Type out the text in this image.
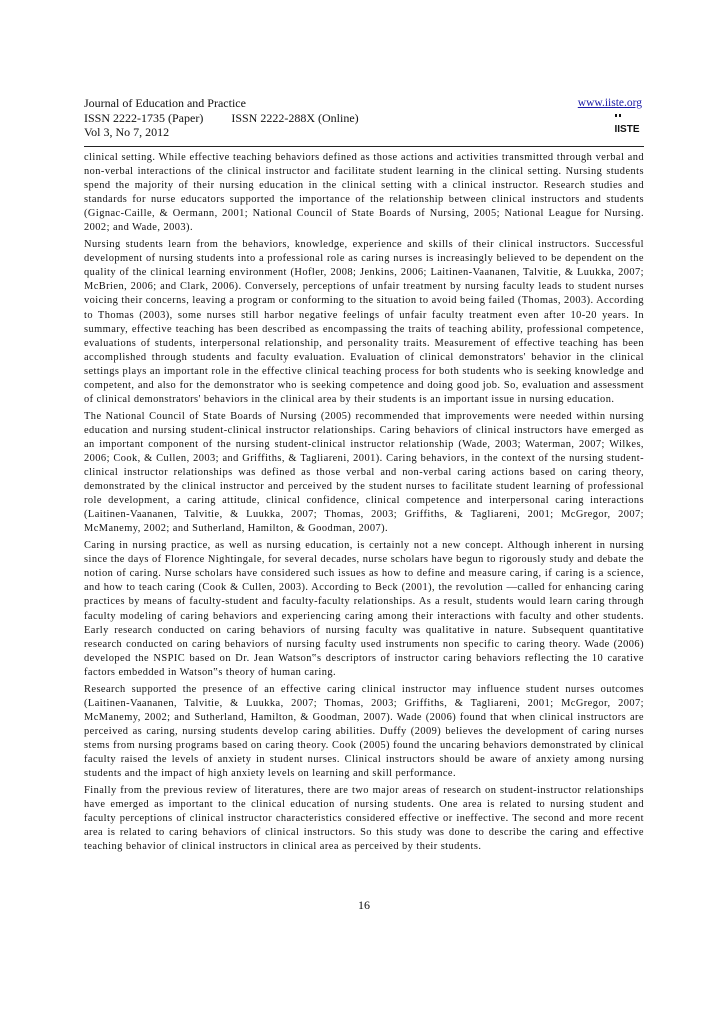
Journal of Education and Practice
ISSN 2222-1735 (Paper) ISSN 2222-288X (Online)
Vol 3, No 7, 2012
www.iiste.org
IISTE

clinical setting. While effective teaching behaviors defined as those actions and activities transmitted through verbal and non-verbal interactions of the clinical instructor and facilitate student learning in the clinical setting. Nursing students spend the majority of their nursing education in the clinical setting with a clinical instructor. Research studies and standards for nurse educators supported the importance of the relationship between clinical instructors and students (Gignac-Caille, & Oermann, 2001; National Council of State Boards of Nursing, 2005; National League for Nursing. 2002; and Wade, 2003).

Nursing students learn from the behaviors, knowledge, experience and skills of their clinical instructors. Successful development of nursing students into a professional role as caring nurses is increasingly believed to be dependent on the quality of the clinical learning environment (Hofler, 2008; Jenkins, 2006; Laitinen-Vaananen, Talvitie, & Luukka, 2007; McBrien, 2006; and Clark, 2006). Conversely, perceptions of unfair treatment by nursing faculty leads to student nurses voicing their concerns, leaving a program or conforming to the situation to avoid being failed (Thomas, 2003). According to Thomas (2003), some nurses still harbor negative feelings of unfair faculty treatment even after 10-20 years. In summary, effective teaching has been described as encompassing the traits of teaching ability, professional competence, evaluations of students, interpersonal relationship, and personality traits. Measurement of effective teaching has been accomplished through students and faculty evaluation. Evaluation of clinical demonstrators' behavior in the clinical settings plays an important role in the effective clinical teaching process for both students who is seeking knowledge and competent, and also for the demonstrator who is seeking competence and doing good job. So, evaluation and assessment of clinical demonstrators' behaviors in the clinical area by their students is an important issue in nursing education.

The National Council of State Boards of Nursing (2005) recommended that improvements were needed within nursing education and nursing student-clinical instructor relationships. Caring behaviors of clinical instructors have emerged as an important component of the nursing student-clinical instructor relationship (Wade, 2003; Waterman, 2007; Wilkes, 2006; Cook, & Cullen, 2003; and Griffiths, & Tagliareni, 2001). Caring behaviors, in the context of the nursing student-clinical instructor relationships was defined as those verbal and non-verbal caring actions based on caring theory, demonstrated by the clinical instructor and perceived by the student nurses to facilitate student learning of professional role development, a caring attitude, clinical confidence, clinical competence and interpersonal caring interactions (Laitinen-Vaananen, Talvitie, & Luukka, 2007; Thomas, 2003; Griffiths, & Tagliareni, 2001; McGregor, 2007; McManemy, 2002; and Sutherland, Hamilton, & Goodman, 2007).

Caring in nursing practice, as well as nursing education, is certainly not a new concept. Although inherent in nursing since the days of Florence Nightingale, for several decades, nurse scholars have begun to rigorously study and debate the notion of caring. Nurse scholars have considered such issues as how to define and measure caring, if caring is a science, and how to teach caring (Cook & Cullen, 2003). According to Beck (2001), the revolution ―called for enhancing caring practices by means of faculty-student and faculty-faculty relationships. As a result, students would learn caring through faculty modeling of caring behaviors and experiencing caring among their interactions with faculty and other students. Early research conducted on caring behaviors of nursing faculty was qualitative in nature. Subsequent quantitative research conducted on caring behaviors of nursing faculty used instruments non specific to caring theory. Wade (2006) developed the NSPIC based on Dr. Jean Watson‟s descriptors of instructor caring behaviors reflecting the 10 carative factors embedded in Watson‟s theory of human caring.

Research supported the presence of an effective caring clinical instructor may influence student nurses outcomes (Laitinen-Vaananen, Talvitie, & Luukka, 2007; Thomas, 2003; Griffiths, & Tagliareni, 2001; McGregor, 2007; McManemy, 2002; and Sutherland, Hamilton, & Goodman, 2007). Wade (2006) found that when clinical instructors are perceived as caring, nursing students develop caring abilities. Duffy (2009) believes the development of caring nurses stems from nursing programs based on caring theory. Cook (2005) found the uncaring behaviors demonstrated by clinical faculty raised the levels of anxiety in student nurses. Clinical instructors should be aware of anxiety among nursing students and the impact of high anxiety levels on learning and skill performance.

Finally from the previous review of literatures, there are two major areas of research on student-instructor relationships have emerged as important to the clinical education of nursing students. One area is related to nursing student and faculty perceptions of clinical instructor characteristics considered effective or ineffective. The second and more recent area is related to caring behaviors of clinical instructors. So this study was done to describe the caring and effective teaching behavior of clinical instructors in clinical area as perceived by their students.

16
